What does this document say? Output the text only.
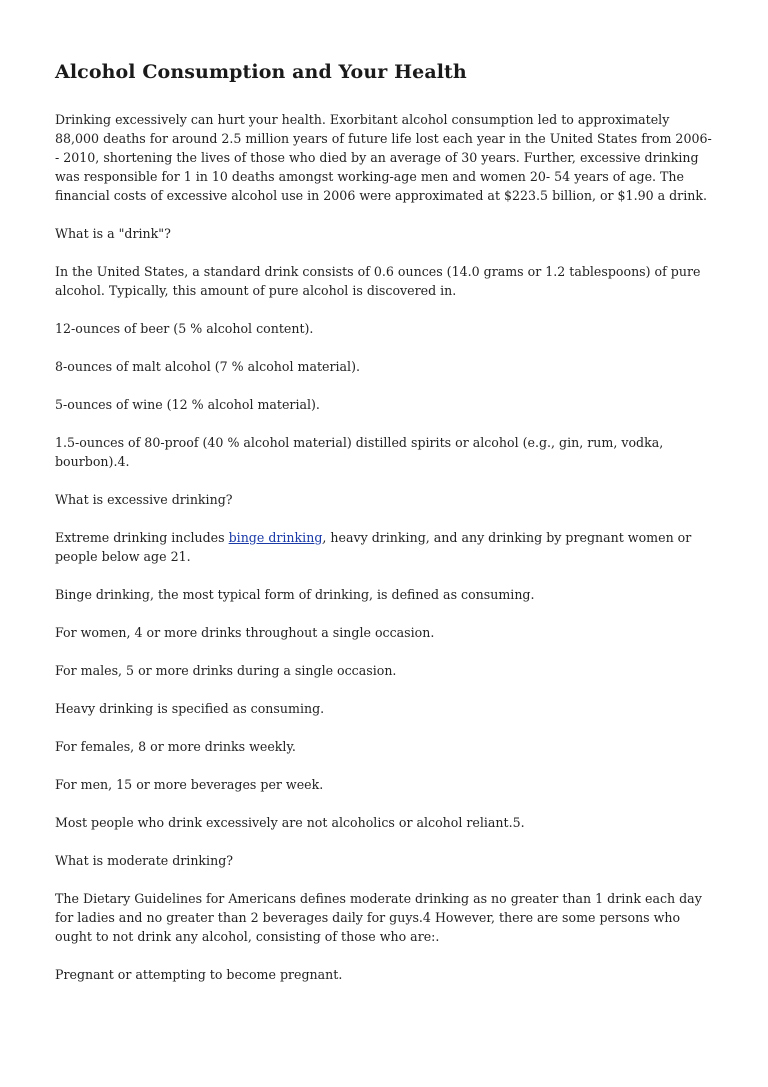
Alcohol Consumption and Your Health

Drinking excessively can hurt your health. Exorbitant alcohol consumption led to approximately 88,000 deaths for around 2.5 million years of future life lost each year in the United States from 2006-- 2010, shortening the lives of those who died by an average of 30 years. Further, excessive drinking was responsible for 1 in 10 deaths amongst working-age men and women 20- 54 years of age. The financial costs of excessive alcohol use in 2006 were approximated at $223.5 billion, or $1.90 a drink.

What is a "drink"?

In the United States, a standard drink consists of 0.6 ounces (14.0 grams or 1.2 tablespoons) of pure alcohol. Typically, this amount of pure alcohol is discovered in.

12-ounces of beer (5 % alcohol content).

8-ounces of malt alcohol (7 % alcohol material).

5-ounces of wine (12 % alcohol material).

1.5-ounces of 80-proof (40 % alcohol material) distilled spirits or alcohol (e.g., gin, rum, vodka, bourbon).4.

What is excessive drinking?

Extreme drinking includes binge drinking, heavy drinking, and any drinking by pregnant women or people below age 21.

Binge drinking, the most typical form of drinking, is defined as consuming.

For women, 4 or more drinks throughout a single occasion.

For males, 5 or more drinks during a single occasion.

Heavy drinking is specified as consuming.

For females, 8 or more drinks weekly.

For men, 15 or more beverages per week.

Most people who drink excessively are not alcoholics or alcohol reliant.5.

What is moderate drinking?

The Dietary Guidelines for Americans defines moderate drinking as no greater than 1 drink each day for ladies and no greater than 2 beverages daily for guys.4 However, there are some persons who ought to not drink any alcohol, consisting of those who are:.

Pregnant or attempting to become pregnant.
